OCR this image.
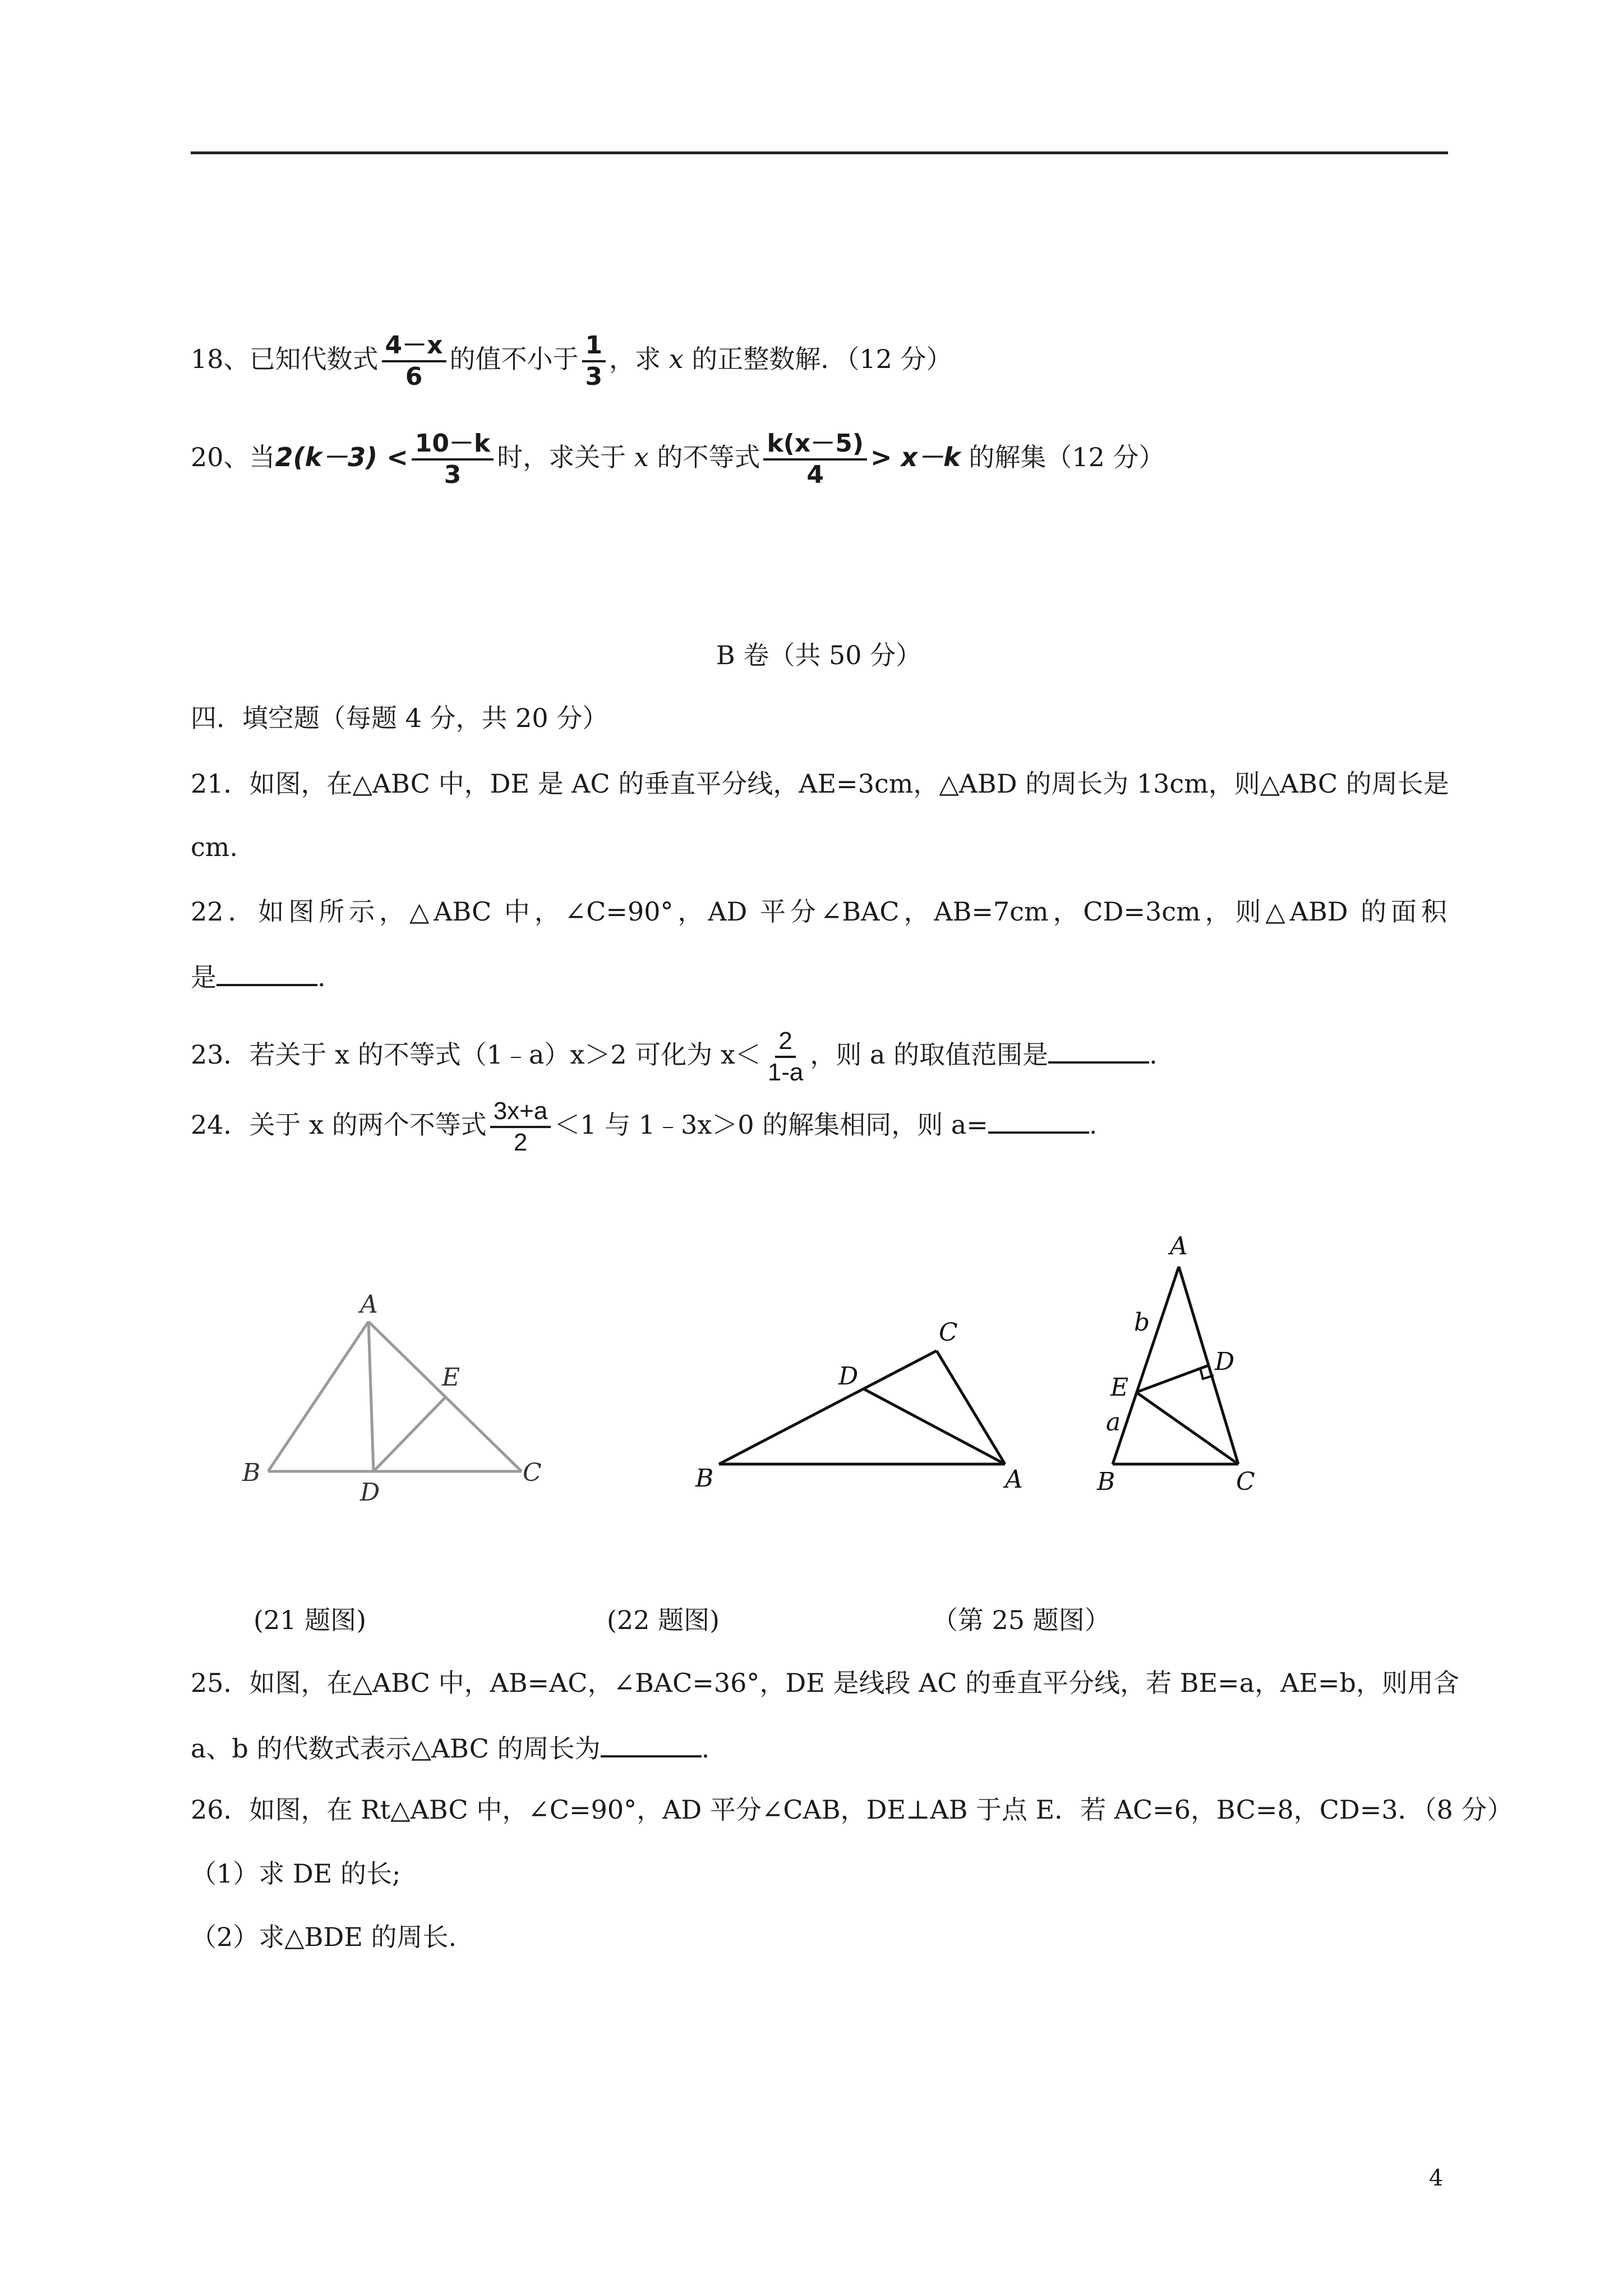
18、已知代数式 $\frac{4-x}{6}$ 的值不小于 $\frac{1}{3}$ ，求 x 的正整数解．（12 分）
20、当$2(k-3) < \frac{10-k}{3}$ 时，求关于 x 的不等式 $\frac{k(x-5)}{4} > x-k$ 的解集（12 分）
B 卷（共 50 分）
四．填空题（每题 4 分，共 20 分）
21．如图，在△ABC 中，DE 是 AC 的垂直平分线，AE=3cm，△ABD 的周长为 13cm，则△ABC 的周长是
cm.
22．如图所示，△ABC 中，∠C=90°，AD 平分∠BAC，AB=7cm，CD=3cm，则△ABD 的面积
是	.
23．若关于 x 的不等式（1﹣a）x＞2 可化为 $x< \frac{2}{1-a}$ ，则 a 的取值范围是	.
24．关于 x 的两个不等式 $\frac{3x+a}{2} <1$ 与 1﹣3x＞0 的解集相同，则 a=	.
A
B	C
D
E
C
D
B	A
A
b
D
E
a
B	C
(21 题图)	(22 题图)	（第 25 题图）
25．如图，在△ABC 中，AB=AC，∠BAC=36°，DE 是线段 AC 的垂直平分线，若 BE=a，AE=b，则用含
a、b 的代数式表示△ABC 的周长为	.
26．如图，在 Rt△ABC 中，∠C=90°，AD 平分∠CAB，DE⊥AB 于点 E．若 AC=6，BC=8，CD=3．（8 分）
（1）求 DE 的长;
（2）求△BDE 的周长.
4
